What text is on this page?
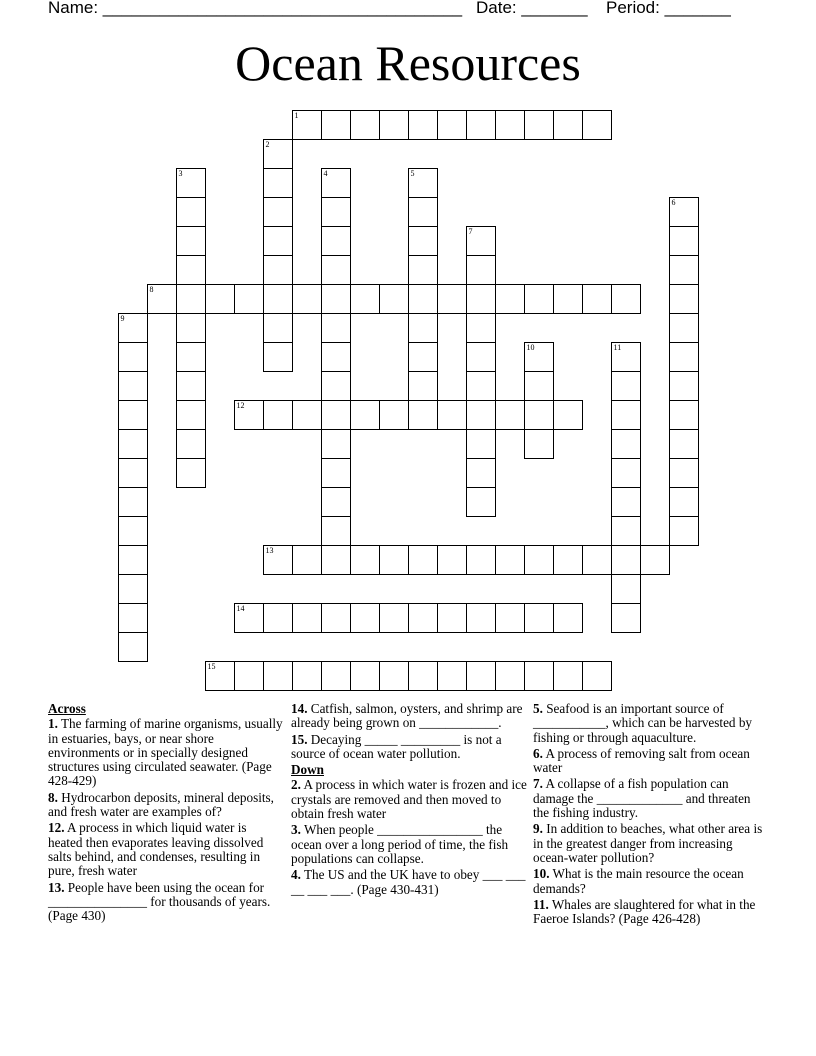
Name: ______________________________________ Date: _______ Period: _______
Ocean Resources
1
8
12
13
14
15
2
3	4	5
6
7
9
10	11

Across

1. The farming of marine organisms, usually in estuaries, bays, or near shore environments or in specially designed structures using circulated seawater. (Page 428-429)

8. Hydrocarbon deposits, mineral deposits, and fresh water are examples of?

12. A process in which liquid water is heated then evaporates leaving dissolved salts behind, and condenses, resulting in pure, fresh water

13. People have been using the ocean for _______________ for thousands of years. (Page 430)

14. Catfish, salmon, oysters, and shrimp are already being grown on ____________.

15. Decaying _____ _________ is not a source of ocean water pollution.

Down

2. A process in which water is frozen and ice crystals are removed and then moved to obtain fresh water

3. When people ________________ the ocean over a long period of time, the fish populations can collapse.

4. The US and the UK have to obey ___ ___ __ ___ ___. (Page 430-431)

5. Seafood is an important source of ___________, which can be harvested by fishing or through aquaculture.

6. A process of removing salt from ocean water

7. A collapse of a fish population can damage the _____________ and threaten the fishing industry.

9. In addition to beaches, what other area is in the greatest danger from increasing ocean-water pollution?

10. What is the main resource the ocean demands?

11. Whales are slaughtered for what in the Faeroe Islands? (Page 426-428)
